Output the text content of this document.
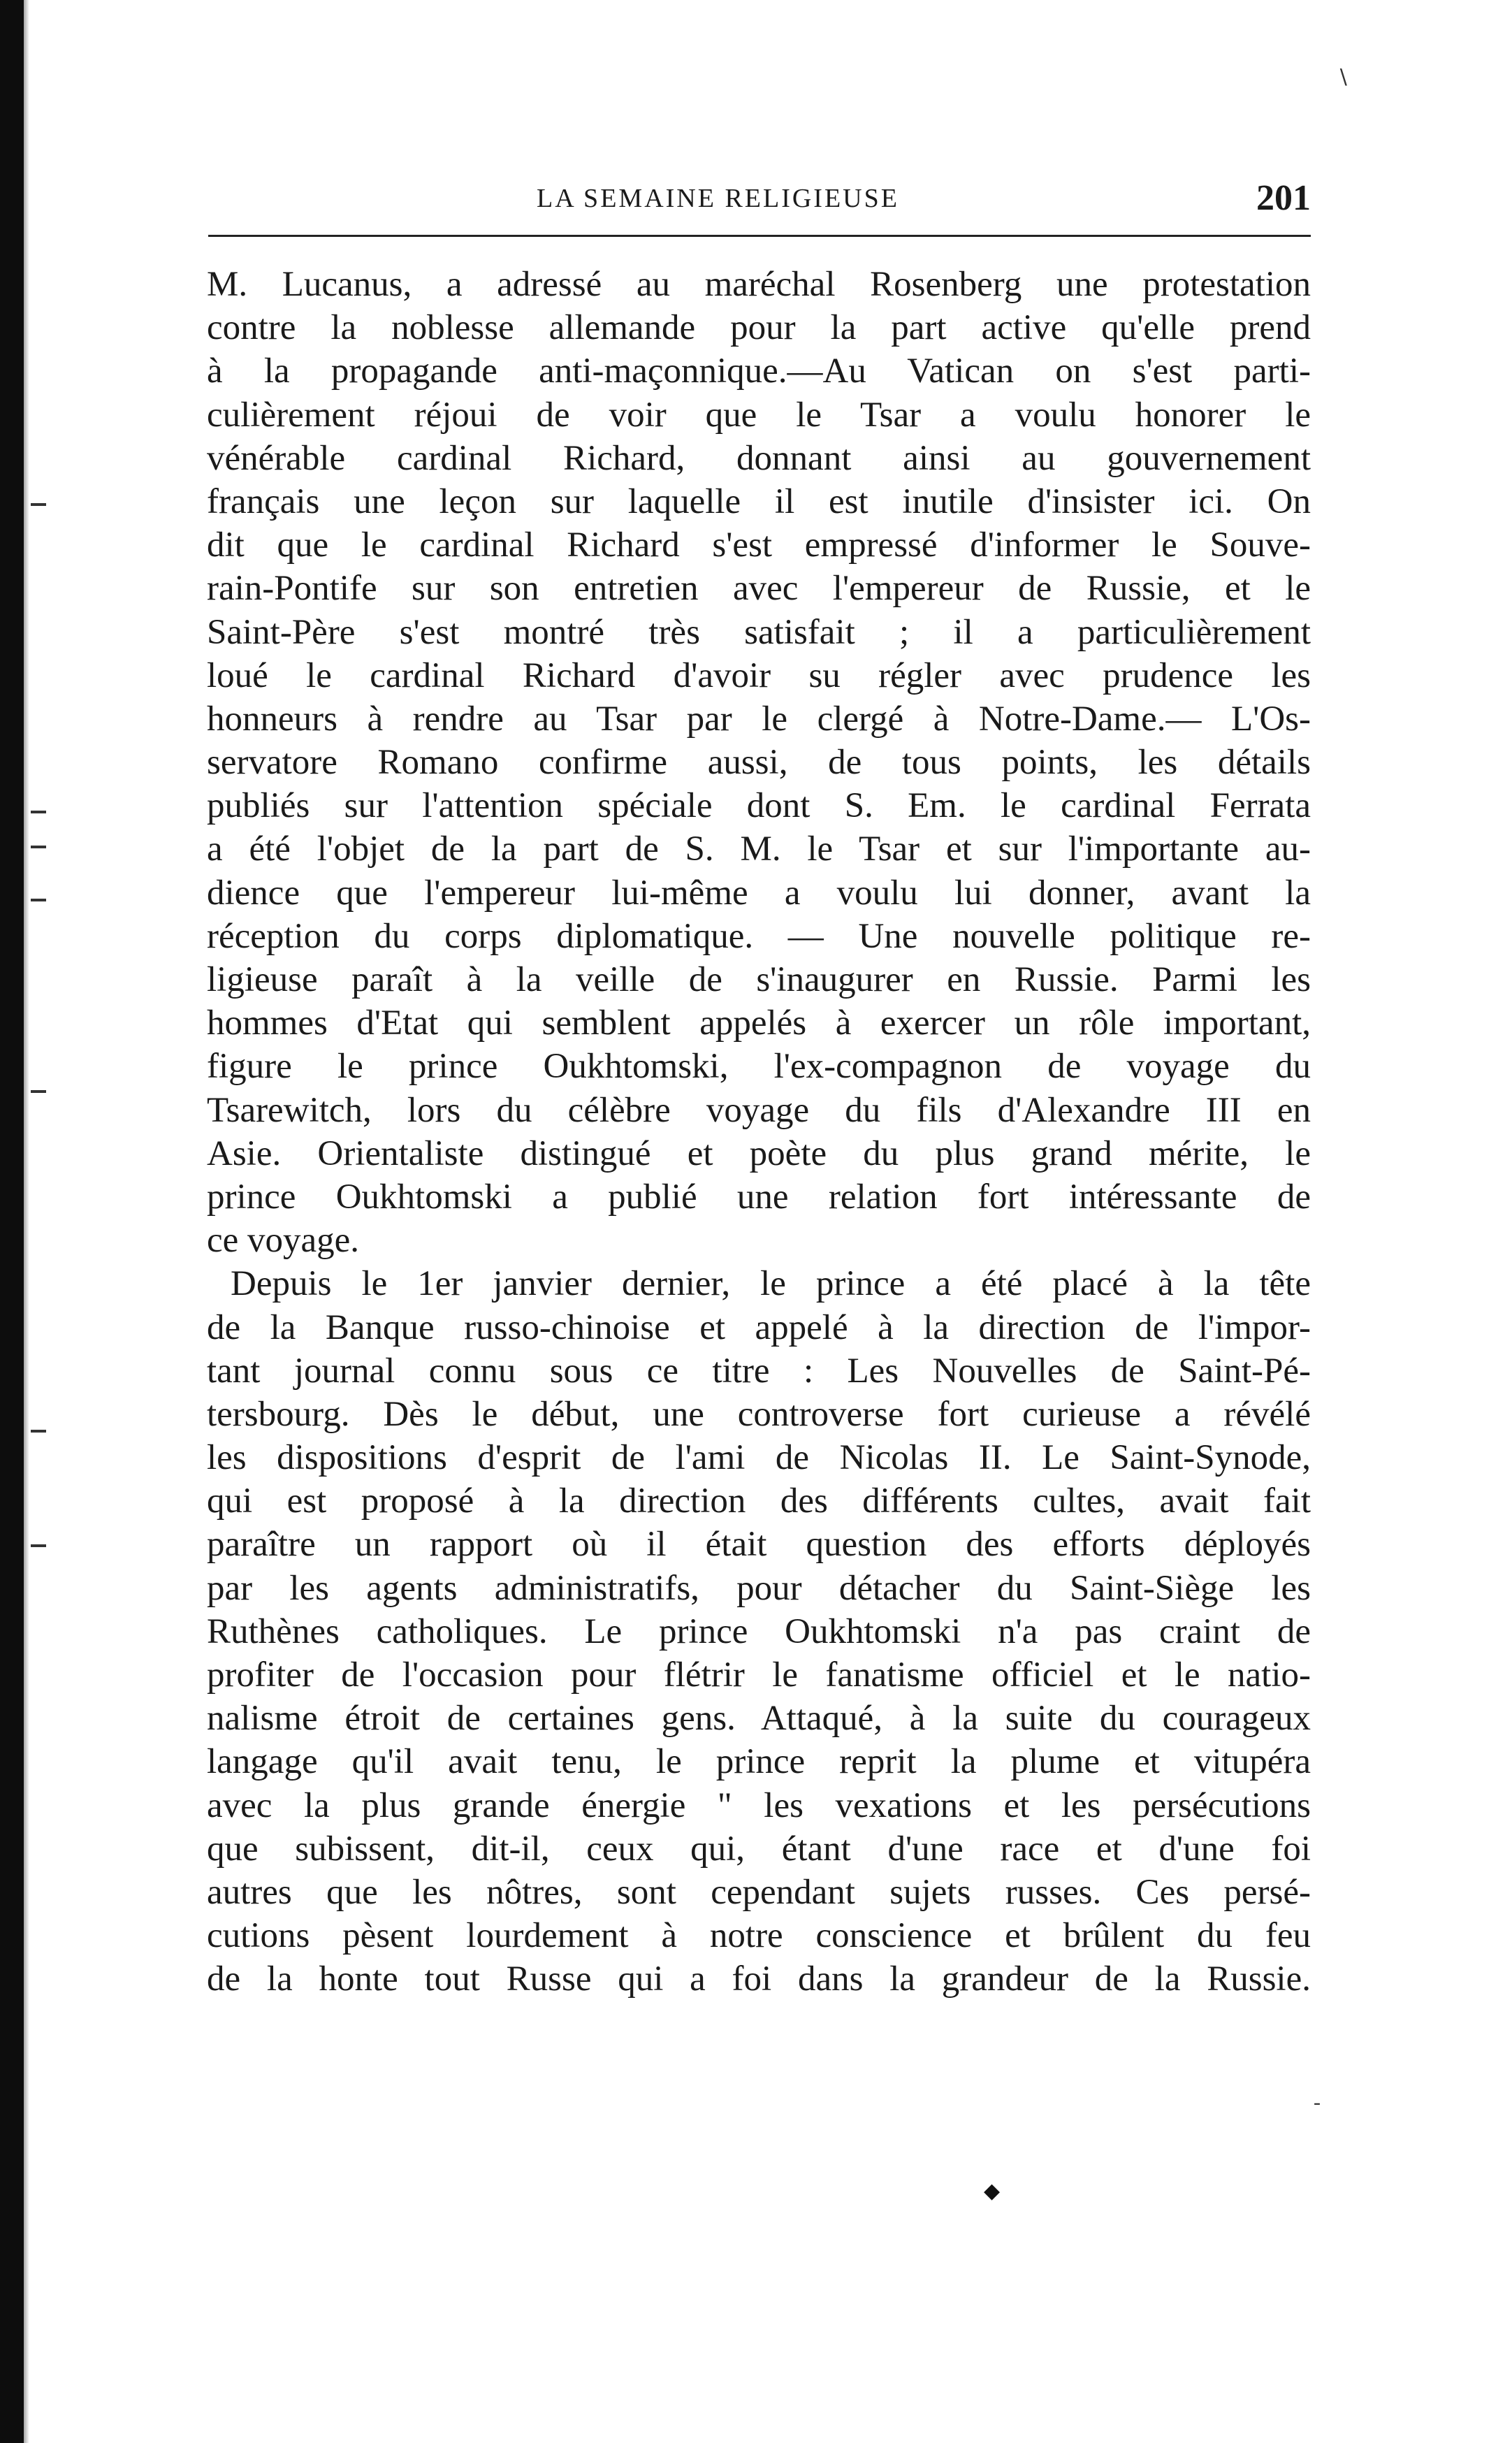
LA SEMAINE RELIGIEUSE	201
M. Lucanus, a adressé au maréchal Rosenberg une protestation
contre la noblesse allemande pour la part active qu'elle prend
à la propagande anti-maçonnique.—Au Vatican on s'est parti-
culièrement réjoui de voir que le Tsar a voulu honorer le
vénérable cardinal Richard, donnant ainsi au gouvernement
français une leçon sur laquelle il est inutile d'insister ici. On
dit que le cardinal Richard s'est empressé d'informer le Souve-
rain-Pontife sur son entretien avec l'empereur de Russie, et le
Saint-Père s'est montré très satisfait ; il a particulièrement
loué le cardinal Richard d'avoir su régler avec prudence les
honneurs à rendre au Tsar par le clergé à Notre-Dame.— L'Os-
servatore Romano confirme aussi, de tous points, les détails
publiés sur l'attention spéciale dont S. Em. le cardinal Ferrata
a été l'objet de la part de S. M. le Tsar et sur l'importante au-
dience que l'empereur lui-même a voulu lui donner, avant la
réception du corps diplomatique. — Une nouvelle politique re-
ligieuse paraît à la veille de s'inaugurer en Russie. Parmi les
hommes d'Etat qui semblent appelés à exercer un rôle important,
figure le prince Oukhtomski, l'ex-compagnon de voyage du
Tsarewitch, lors du célèbre voyage du fils d'Alexandre III en
Asie. Orientaliste distingué et poète du plus grand mérite, le
prince Oukhtomski a publié une relation fort intéressante de
ce voyage.
Depuis le 1er janvier dernier, le prince a été placé à la tête
de la Banque russo-chinoise et appelé à la direction de l'impor-
tant journal connu sous ce titre : Les Nouvelles de Saint-Pé-
tersbourg. Dès le début, une controverse fort curieuse a révélé
les dispositions d'esprit de l'ami de Nicolas II. Le Saint-Synode,
qui est proposé à la direction des différents cultes, avait fait
paraître un rapport où il était question des efforts déployés
par les agents administratifs, pour détacher du Saint-Siège les
Ruthènes catholiques. Le prince Oukhtomski n'a pas craint de
profiter de l'occasion pour flétrir le fanatisme officiel et le natio-
nalisme étroit de certaines gens. Attaqué, à la suite du courageux
langage qu'il avait tenu, le prince reprit la plume et vitupéra
avec la plus grande énergie " les vexations et les persécutions
que subissent, dit-il, ceux qui, étant d'une race et d'une foi
autres que les nôtres, sont cependant sujets russes. Ces persé-
cutions pèsent lourdement à notre conscience et brûlent du feu
de la honte tout Russe qui a foi dans la grandeur de la Russie.
◆
∖
-
